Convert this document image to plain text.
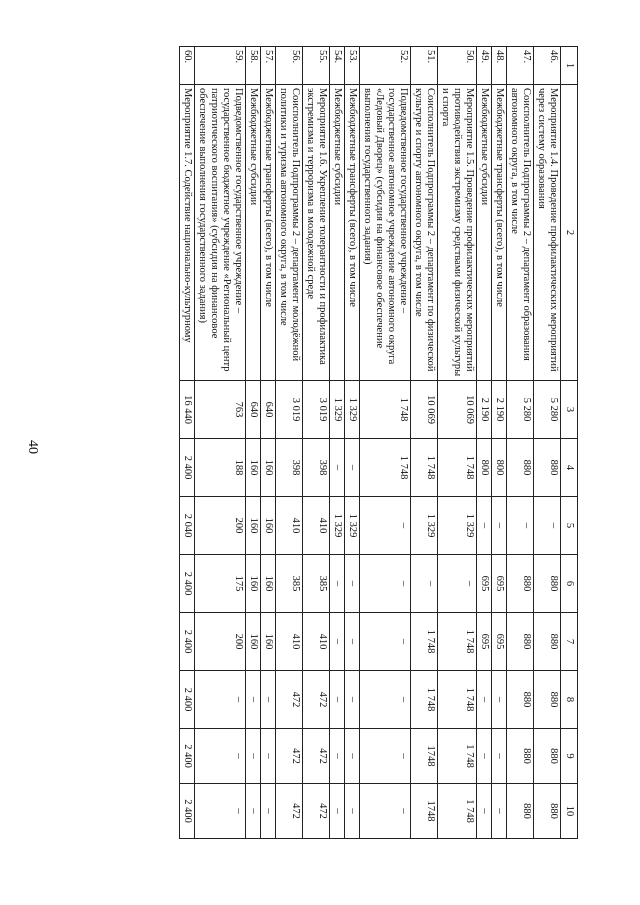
40
1	2	3	4	5	6	7	8	9	10
46.	Мероприятие 1.4. Проведение профилактических мероприятий через систему образования	5 280	880	–	880	880	880	880	880
47.	Соисполнитель Подпрограммы 2 – департамент образования автономного округа, в том числе	5 280	880	–	880	880	880	880	880
48.	Межбюджетные трансферты (всего), в том числе	2 190	800	–	695	695	–	–	–
49.	Межбюджетные субсидии	2 190	800	–	695	695	–	–	–
50.	Мероприятие 1.5. Проведение профилактических мероприятий противодействия экстремизму средствами физической культуры и спорта	10 069	1 748	1 329	–	1 748	1 748	1 748	1 748
51.	Соисполнитель Подпрограммы 2 – департамент по физической культуре и спорту автономного округа, в том числе	10 069	1 748	1 329	–	1 748	1 748	1748	1748
52.	Подведомственное государственное учреждение – государственное автономное учреждение автономного округа «Ледовый Дворец» (субсидия на финансовое обеспечение выполнения государственного задания)	1 748	1 748	–	–	–	–	–	–
53.	Межбюджетные трансферты (всего), в том числе	1 329	–	1 329	–	–	–	–	–
54.	Межбюджетные субсидии	1 329	–	1 329	–	–	–	–	–
55.	Мероприятие 1.6. Укрепление толерантности и профилактика экстремизма и терроризма в молодежной среде	3 019	398	410	385	410	472	472	472
56.	Соисполнитель Подпрограммы 2 – департамент молодёжной политики и туризма автономного округа, в том числе	3 019	398	410	385	410	472	472	472
57.	Межбюджетные трансферты (всего), в том числе	640	160	160	160	160	–	–	–
58.	Межбюджетные субсидии	640	160	160	160	160	–	–	–
59.	Подведомственное государственное учреждение – государственное бюджетное учреждение «Региональный центр патриотического воспитания» (субсидия на финансовое обеспечение выполнения государственного задания)	763	188	200	175	200	–	–	–
60.	Мероприятие 1.7. Содействие национально-культурному	16 440	2 400	2 040	2 400	2 400	2 400	2 400	2 400
